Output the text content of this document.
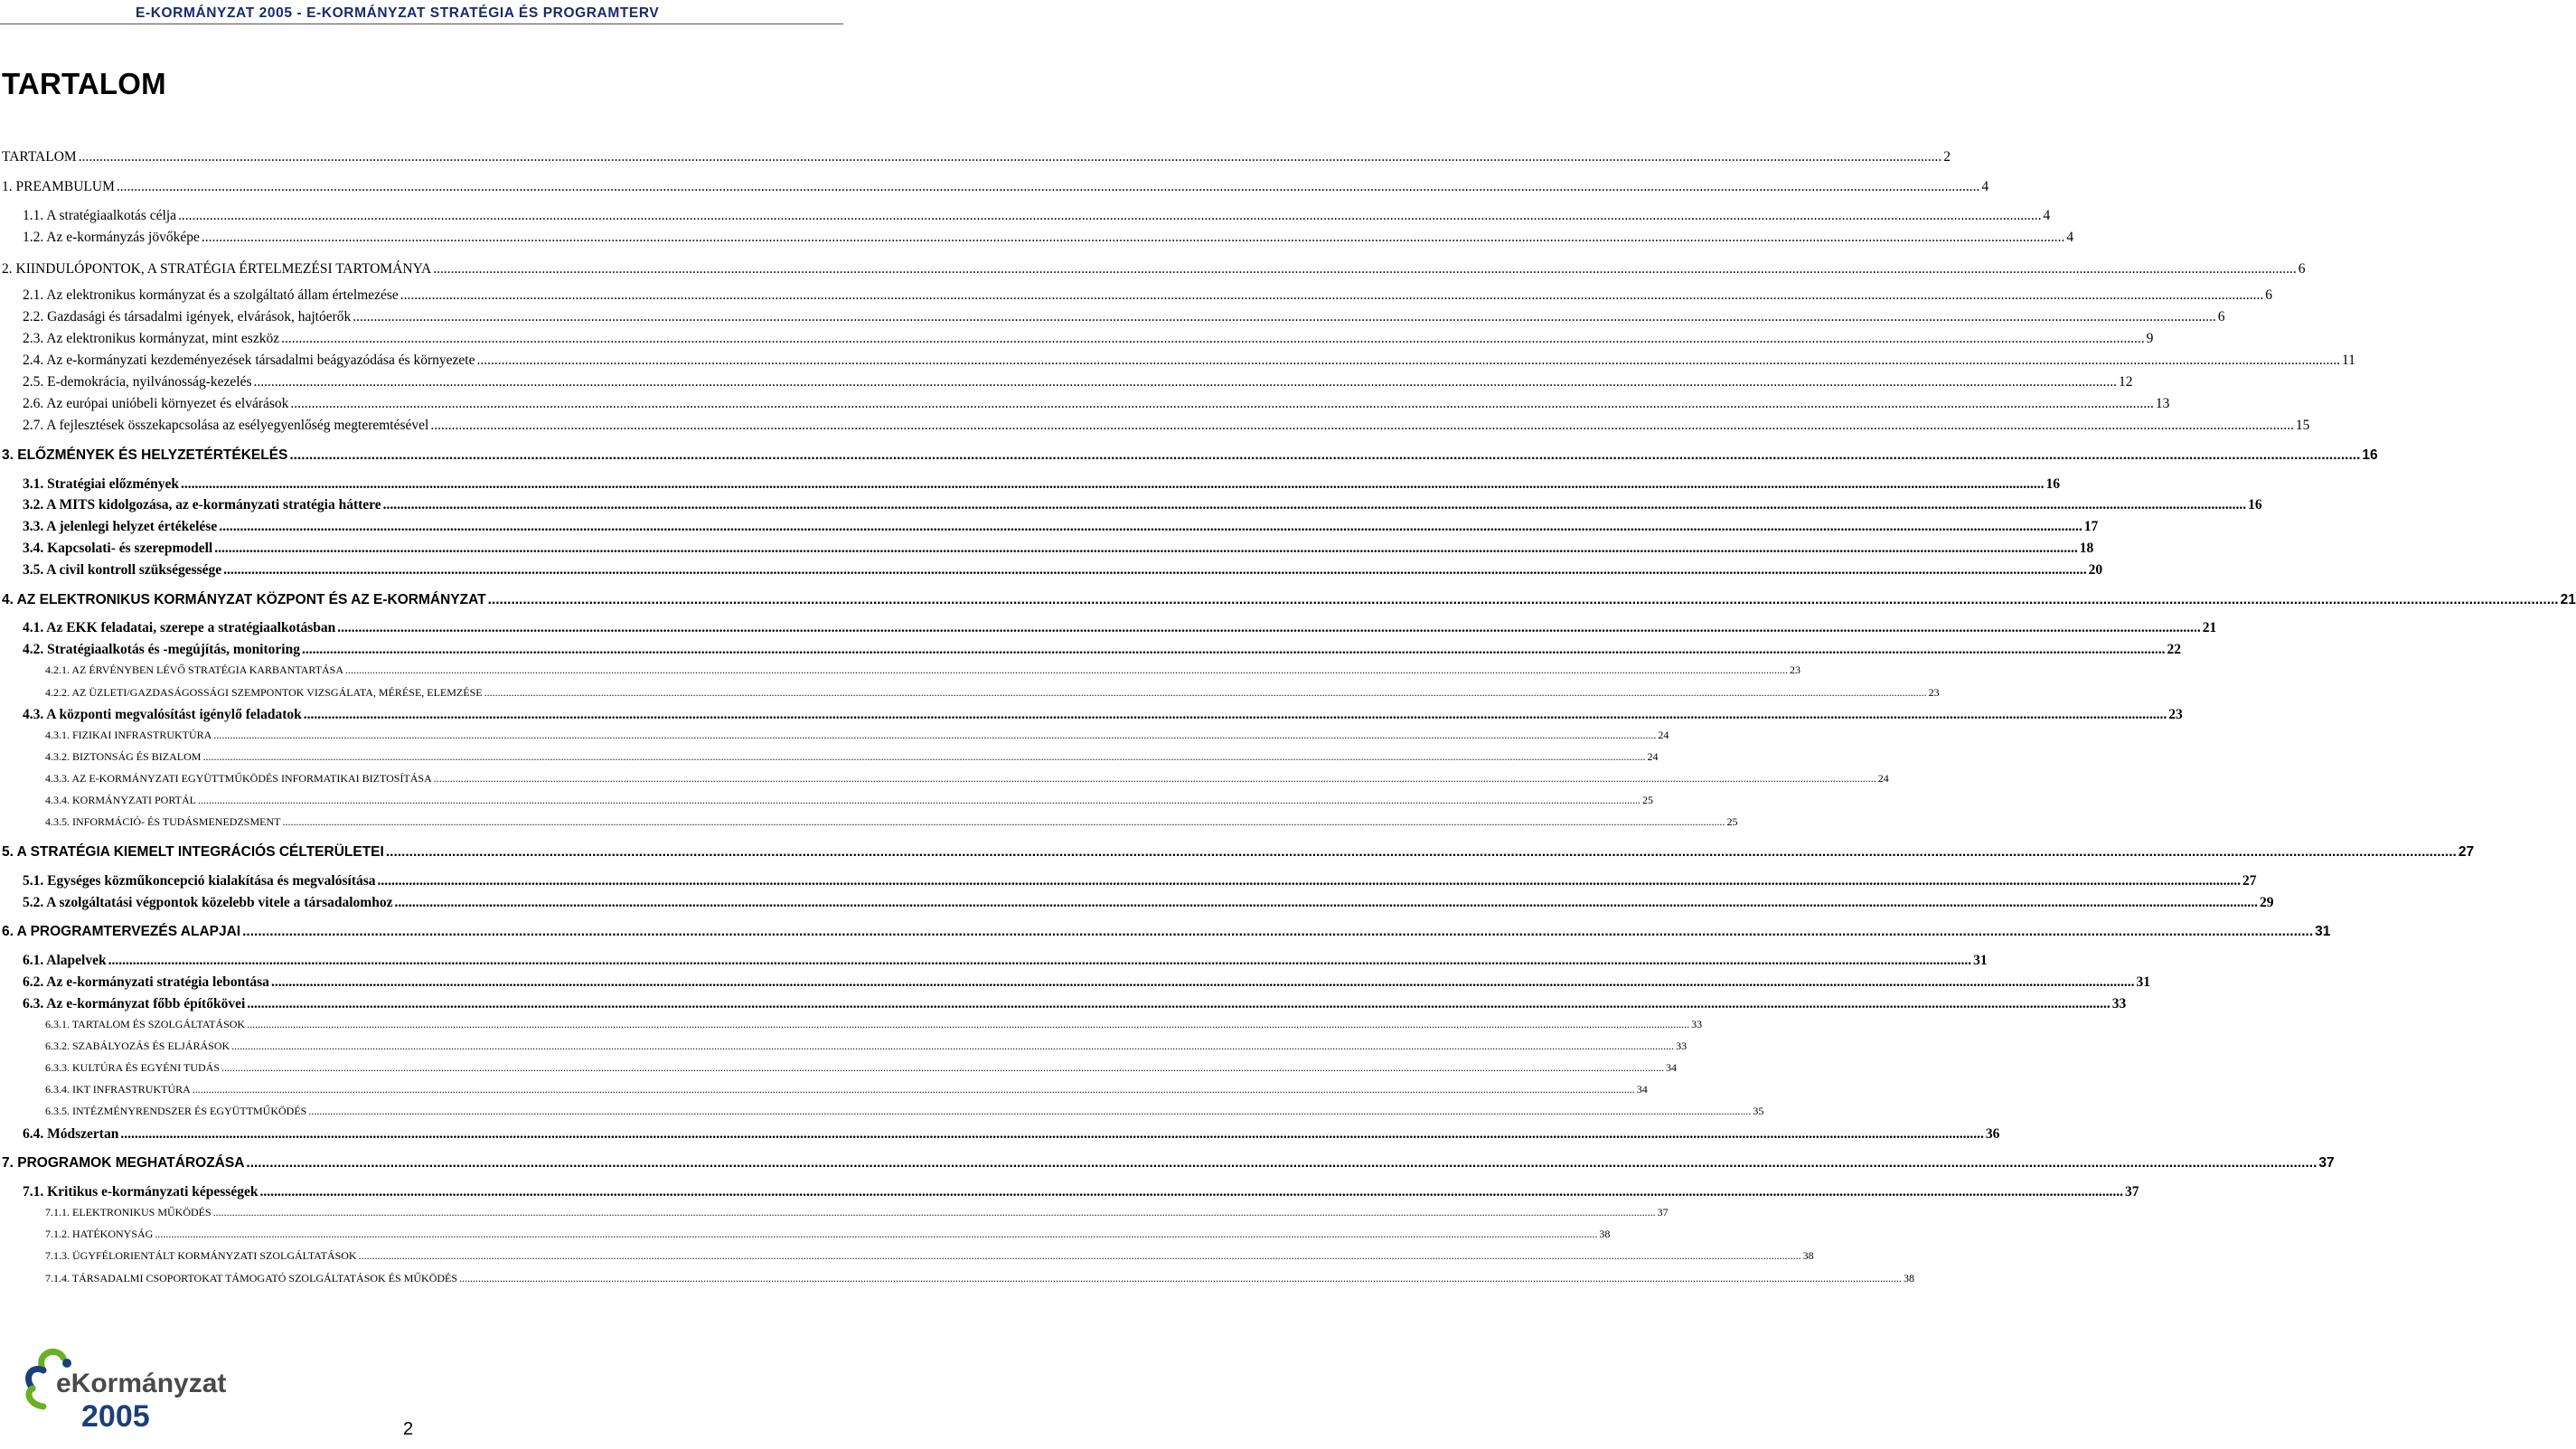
E-KORMÁNYZAT 2005 - E-KORMÁNYZAT STRATÉGIA ÉS PROGRAMTERV
TARTALOM
TARTALOM .....	2
1. PREAMBULUM .....	4
1.1. A stratégiaalkotás célja .....	4
1.2. Az e-kormányzás jövőképe .....	4
2. KIINDULÓPONTOK, A STRATÉGIA ÉRTELMEZÉSI TARTOMÁNYA .....	6
2.1. Az elektronikus kormányzat és a szolgáltató állam értelmezése .....	6
2.2. Gazdasági és társadalmi igények, elvárások, hajtóerők .....	6
2.3. Az elektronikus kormányzat, mint eszköz .....	9
2.4. Az e-kormányzati kezdeményezések társadalmi beágyazódása és környezete .....	11
2.5. E-demokrácia, nyilvánosság-kezelés .....	12
2.6. Az európai unióbeli környezet és elvárások .....	13
2.7. A fejlesztések összekapcsolása az esélyegyenlőség megteremtésével .....	15
3. ELŐZMÉNYEK ÉS HELYZETÉRTÉKELÉS .....	16
3.1. Stratégiai előzmények .....	16
3.2. A MITS kidolgozása, az e-kormányzati stratégia háttere .....	16
3.3. A jelenlegi helyzet értékelése .....	17
3.4. Kapcsolati- és szerepmodell .....	18
3.5. A civil kontroll szükségessége .....	20
4. AZ ELEKTRONIKUS KORMÁNYZAT KÖZPONT ÉS AZ E-KORMÁNYZAT .....	21
4.1. Az EKK feladatai, szerepe a stratégiaalkotásban .....	21
4.2. Stratégiaalkotás és -megújítás, monitoring .....	22
4.2.1. AZ ÉRVÉNYBEN LÉVŐ STRATÉGIA KARBANTARTÁSA .....	23
4.2.2. AZ ÜZLETI/GAZDASÁGOSSÁGI SZEMPONTOK VIZSGÁLATA, MÉRÉSE, ELEMZÉSE .....	23
4.3. A központi megvalósítást igénylő feladatok .....	23
4.3.1. FIZIKAI INFRASTRUKTÚRA .....	24
4.3.2. BIZTONSÁG ÉS BIZALOM .....	24
4.3.3. AZ E-KORMÁNYZATI EGYÜTTMŰKÖDÉS INFORMATIKAI BIZTOSÍTÁSA .....	24
4.3.4. KORMÁNYZATI PORTÁL .....	25
4.3.5. INFORMÁCIÓ- ÉS TUDÁSMENEDZSMENT .....	25
5. A STRATÉGIA KIEMELT INTEGRÁCIÓS CÉLTERÜLETEI .....	27
5.1. Egységes közműkoncepció kialakítása és megvalósítása .....	27
5.2. A szolgáltatási végpontok közelebb vitele a társadalomhoz .....	29
6. A PROGRAMTERVEZÉS ALAPJAI .....	31
6.1. Alapelvek .....	31
6.2. Az e-kormányzati stratégia lebontása .....	31
6.3. Az e-kormányzat főbb építőkövei .....	33
6.3.1. TARTALOM ÉS SZOLGÁLTATÁSOK .....	33
6.3.2. SZABÁLYOZÁS ÉS ELJÁRÁSOK .....	33
6.3.3. KULTÚRA ÉS EGYÉNI TUDÁS .....	34
6.3.4. IKT INFRASTRUKTÚRA .....	34
6.3.5. INTÉZMÉNYRENDSZER ÉS EGYÜTTMŰKÖDÉS .....	35
6.4. Módszertan .....	36
7. PROGRAMOK MEGHATÁROZÁSA .....	37
7.1. Kritikus e-kormányzati képességek .....	37
7.1.1. ELEKTRONIKUS MŰKÖDÉS .....	37
7.1.2. HATÉKONYSÁG .....	38
7.1.3. ÜGYFÉLORIENTÁLT KORMÁNYZATI SZOLGÁLTATÁSOK .....	38
7.1.4. TÁRSADALMI CSOPORTOKAT TÁMOGATÓ SZOLGÁLTATÁSOK ÉS MŰKÖDÉS .....	38
eKormányzat
2005	2
